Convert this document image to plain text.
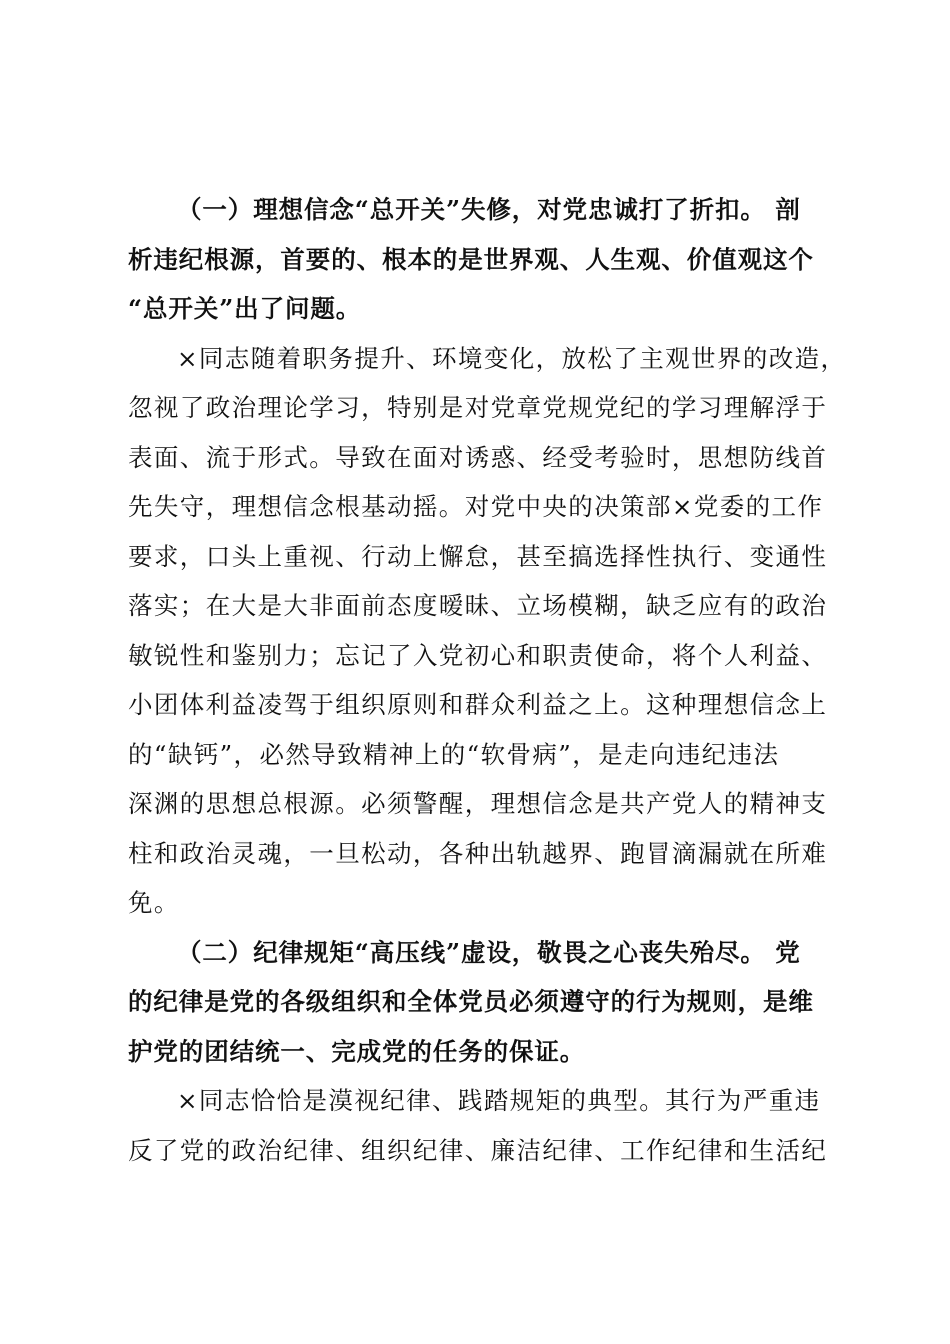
（一）理想信念“总开关”失修，对党忠诚打了折扣。 剖
析违纪根源，首要的、根本的是世界观、人生观、价值观这个
“总开关”出了问题。
×同志随着职务提升、环境变化，放松了主观世界的改造，
忽视了政治理论学习，特别是对党章党规党纪的学习理解浮于
表面、流于形式。导致在面对诱惑、经受考验时，思想防线首
先失守，理想信念根基动摇。对党中央的决策部×党委的工作
要求，口头上重视、行动上懈怠，甚至搞选择性执行、变通性
落实；在大是大非面前态度暧昧、立场模糊，缺乏应有的政治
敏锐性和鉴别力；忘记了入党初心和职责使命，将个人利益、
小团体利益凌驾于组织原则和群众利益之上。这种理想信念上
的“缺钙”，必然导致精神上的“软骨病”，是走向违纪违法
深渊的思想总根源。必须警醒，理想信念是共产党人的精神支
柱和政治灵魂，一旦松动，各种出轨越界、跑冒滴漏就在所难
免。
（二）纪律规矩“高压线”虚设，敬畏之心丧失殆尽。 党
的纪律是党的各级组织和全体党员必须遵守的行为规则，是维
护党的团结统一、完成党的任务的保证。
×同志恰恰是漠视纪律、践踏规矩的典型。其行为严重违
反了党的政治纪律、组织纪律、廉洁纪律、工作纪律和生活纪
